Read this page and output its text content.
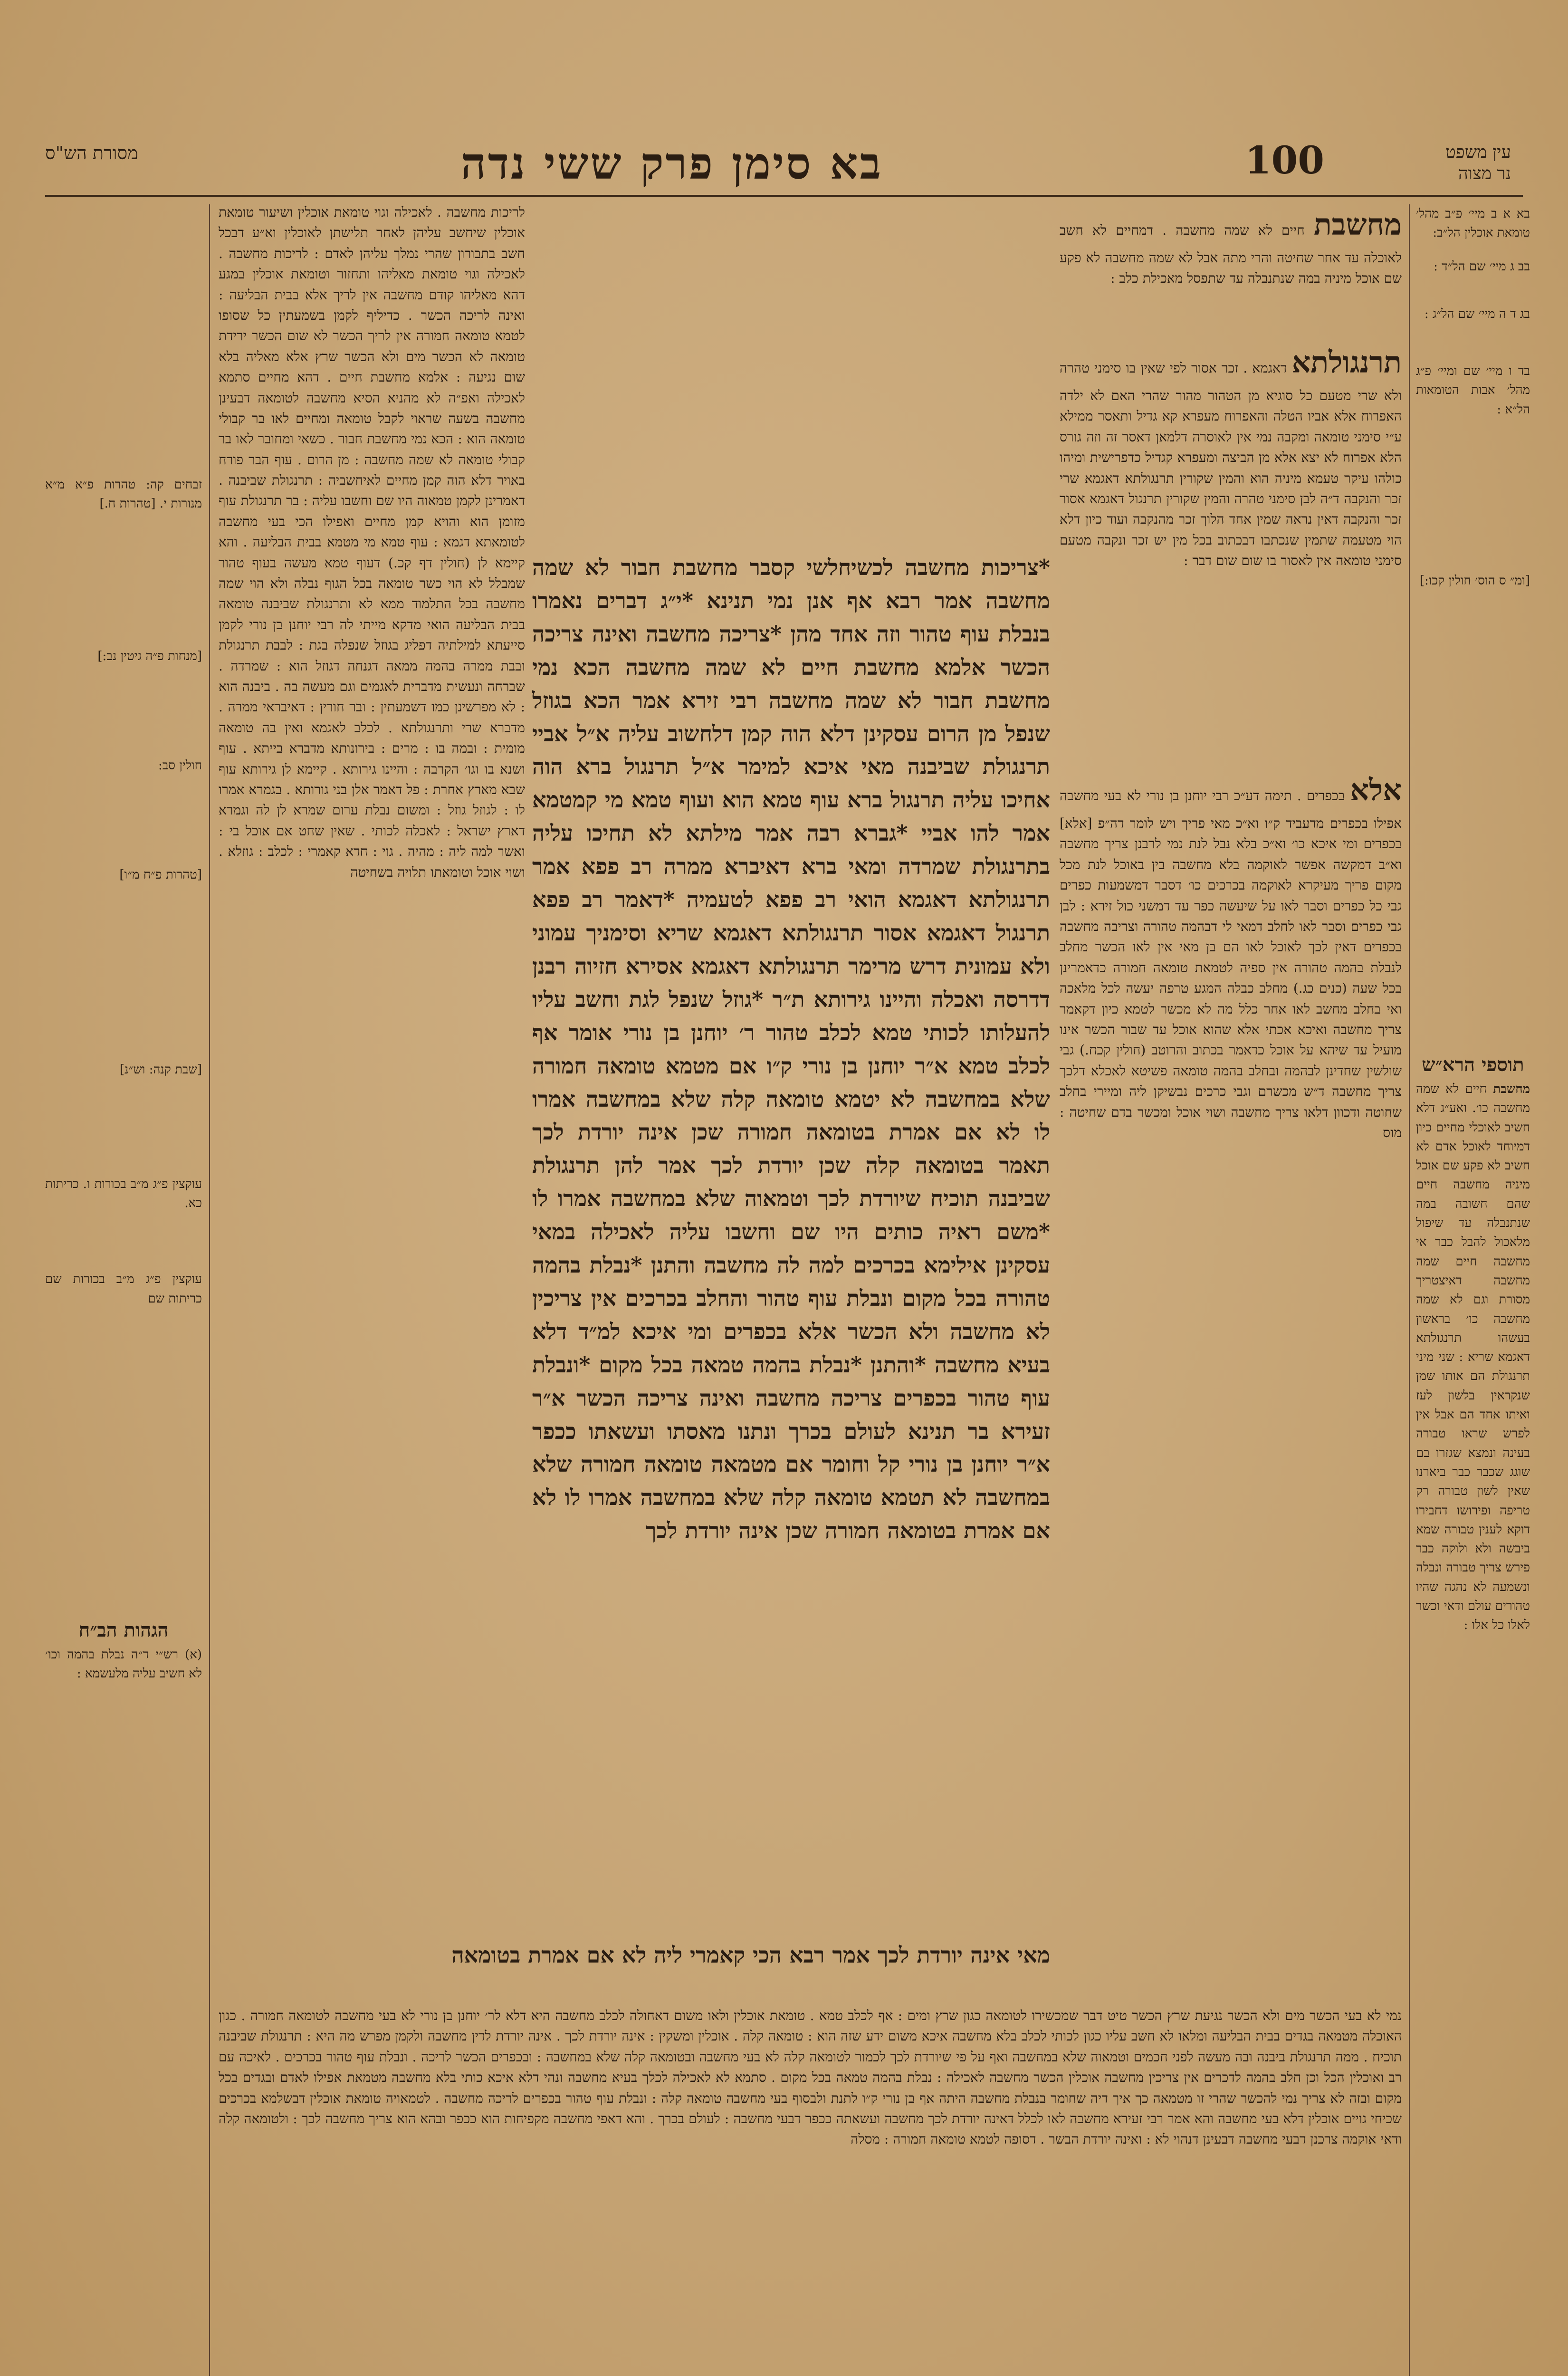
מסורת הש"ס	בא סימן פרק ששי נדה	100	עין משפט
נר מצוה
בא א ב מיי׳ פ״ב מהל׳ טומאת אוכלין הל״ב:
בב ג מיי׳ שם הל״ד :
בג ד ה מיי׳ שם הל״ג :
בד ו מיי׳ שם ומיי׳ פ״ג מהל׳ אבות הטומאות הל״א :
[ומ״ ס הוס׳ חולין קכו:]
תוספי הרא״ש
מחשבת חיים לא שמה מחשבה כו׳. ואע״ג דלא חשיב לאוכלי מחיים כיון דמיוחד לאוכל אדם לא חשיב לא פקע שם אוכל מיניה מחשבה חיים שהם חשובה במה שנתנבלה עד שיפול מלאכול להבל כבר אי מחשבה חיים שמה מחשבה דאיצטריך מסורת וגם לא שמה מחשבה כו׳ בראשון בעשהו תרנגולתא דאגמא שריא : שני מיני תרנגולת הם אותו שמן שנקראין בלשון לעז ואיתו אחד הם אבל אין לפרש שראו טבורה בעינה ונמצא שגזרו בם שוגג שכבר כבר ביארנו שאין לשון טבורה רק טריפה ופירושו דחבירו דוקא לענין טבורה שמא ביבשה ולא ולוקה כבר פירש צריך טבורה ונבלה ונשמעה לא נהגה שהיו טהורים עולם ודאי וכשר לאלו כל אלו :
מחשבת חיים לא שמה מחשבה . דמחיים לא חשב לאוכלה עד אחר שחיטה והרי מתה אבל לא שמה מחשבה לא פקע שם אוכל מיניה במה שנתנבלה עד שתפסל מאכילת כלב :
תרנגולתא דאגמא . זכר אסור לפי שאין בו סימני טהרה ולא שרי מטעם כל סוגיא מן הטהור מהור שהרי האם לא ילדה האפרוח אלא אביו הטלה והאפרוח מעפרא קא גדיל ותאסר ממילא ע״י סימני טומאה ומקבה נמי אין לאוסרה דלמאן דאסר זה וזה גורס הלא אפרוח לא יצא אלא מן הביצה ומעפרא קגדיל כדפרישית ומיהו כולהו עיקר טעמא מיניה הוא והמין שקורין תרנגולתא דאגמא שרי זכר והנקבה ד״ה לבן סימני טהרה והמין שקורין תרנגול דאגמא אסור זכר והנקבה דאין נראה שמין אחד הלוך זכר מהנקבה ועוד כיון דלא הוי מטעמה שתמין שנכתבו דבכתוב בכל מין יש זכר ונקבה מטעם סימני טומאה אין לאסור בו שום שום דבר :
אלא בכפרים . תימה דע״כ רבי יוחנן בן נורי לא בעי מחשבה אפילו בכפרים מדעביד ק״ו וא״כ מאי פריך ויש לומר דה״פ [אלא] בכפרים ומי איכא כו׳ וא״כ בלא נבל לנת נמי לרבנן צריך מחשבה וא״ב דמקשה אפשר לאוקמה בלא מחשבה בין באוכל לנת מכל מקום פריך מעיקרא לאוקמה בכרכים כו׳ דסבר דמשמעות כפרים גבי כל כפרים וסבר לאו על שיעשה כפר עד דמשני כול זירא : לבן גבי כפרים וסבר לאו לחלב דמאי לי דבהמה טהורה וצריבה מחשבה בכפרים דאין לכך לאוכל לאו הם בן מאי אין לאו הכשר מחלב לנבלת בהמה טהורה אין ספיה לטמאת טומאה חמורה כדאמרינן בכל שעה (כנים כג.) מחלב כבלה המגע טרפה יעשה לכל מלאכה ואי בחלב מחשב לאו אחר כלל מה לא מכשר לטמא כיון דקאמר צריך מחשבה ואיכא אכתי אלא שהוא אוכל עד שבור הכשר אינו מועיל עד שיהא על אוכל כדאמר בכתוב והרוטב (חולין קכח.) גבי שולשין שחדינן לבהמה ובחלב בהמה טומאה פשיטא לאכלא דלכך צריך מחשבה ד״ש מכשרם וגבי כרכים נבשיקן ליה ומיירי בחלב שחוטה ודכוון דלאו צריך מחשבה ושוי אוכל ומכשר בדם שחיטה : מוס
*צריכות מחשבה לכשיחלשי קסבר מחשבת חבור לא שמה מחשבה אמר רבא אף אנן נמי תנינא *י״ג דברים נאמרו בנבלת עוף טהור וזה אחד מהן *צריכה מחשבה ואינה צריכה הכשר אלמא מחשבת חיים לא שמה מחשבה הכא נמי מחשבת חבור לא שמה מחשבה רבי זירא אמר הכא בגוזל שנפל מן הרום עסקינן דלא הוה קמן דלחשוב עליה א״ל אביי תרנגולת שביבנה מאי איכא למימר א״ל תרנגול ברא הוה אחיכו עליה תרנגול ברא עוף טמא הוא ועוף טמא מי קמטמא אמר להו אביי *גברא רבה אמר מילתא לא תחיכו עליה בתרנגולת שמרדה ומאי ברא דאיברא ממרה רב פפא אמר תרנגולתא דאגמא הואי רב פפא לטעמיה *דאמר רב פפא תרנגול דאגמא אסור תרנגולתא דאגמא שריא וסימניך עמוני ולא עמונית דרש מרימר תרנגולתא דאגמא אסירא חזיוה רבנן דדרסה ואכלה והיינו גירותא ת״ר *גוזל שנפל לגת וחשב עליו להעלותו לכותי טמא לכלב טהור ר׳ יוחנן בן נורי אומר אף לכלב טמא א״ר יוחנן בן נורי ק״ו אם מטמא טומאה חמורה שלא במחשבה לא יטמא טומאה קלה שלא במחשבה אמרו לו לא אם אמרת בטומאה חמורה שכן אינה יורדת לכך תאמר בטומאה קלה שכן יורדת לכך אמר להן תרנגולת שביבנה תוכיח שיורדת לכך וטמאוה שלא במחשבה אמרו לו *משם ראיה כותים היו שם וחשבו עליה לאכילה במאי עסקינן אילימא בכרכים למה לה מחשבה והתנן *נבלת בהמה טהורה בכל מקום ונבלת עוף טהור והחלב בכרכים אין צריכין לא מחשבה ולא הכשר אלא בכפרים ומי איכא למ״ד דלא בעיא מחשבה *והתנן *נבלת בהמה טמאה בכל מקום *ונבלת עוף טהור בכפרים צריכה מחשבה ואינה צריכה הכשר א״ר זעירא בר תנינא לעולם בכרך ונתנו מאסתו ועשאתו ככפר א״ר יוחנן בן נורי קל וחומר אם מטמאה טומאה חמורה שלא במחשבה לא תטמא טומאה קלה שלא במחשבה אמרו לו לא אם אמרת בטומאה חמורה שכן אינה יורדת לכך
מאי אינה יורדת לכך אמר רבא הכי קאמרי ליה לא אם אמרת בטומאה
לריכות מחשבה . לאכילה וגוי טומאת אוכלין ושיעור טומאת אוכלין שיחשב עליהן לאחר תלישתן לאוכלין וא״ע דבכל חשב בתבורון שהרי נמלך עליהן לאדם : לריכות מחשבה . לאכילה וגוי טומאת מאליהו ותחזור וטומאת אוכלין במגע דהא מאליהו קודם מחשבה אין לריך אלא בבית הבליעה : ואינה לריכה הכשר . כדיליף לקמן בשמעתין כל שסופו לטמא טומאה חמורה אין לריך הכשר לא שום הכשר ירידת טומאה לא הכשר מים ולא הכשר שרץ אלא מאליה בלא שום נגיעה : אלמא מחשבת חיים . דהא מחיים סתמא לאכילה ואפ״ה לא מהניא הסיא מחשבה לטומאה דבעינן מחשבה בשעה שראוי לקבל טומאה ומחיים לאו בר קבולי טומאה הוא : הכא נמי מחשבת חבור . כשאי ומחובר לאו בר קבולי טומאה לא שמה מחשבה : מן הרום . עוף הבר פורח באויר דלא הוה קמן מחיים לאיחשביה : תרנגולת שביבנה . דאמרינן לקמן טמאוה היו שם וחשבו עליה : בר תרנגולת עוף מזומן הוא והויא קמן מחיים ואפילו הכי בעי מחשבה לטומאתא דגמא : עוף טמא מי מטמא בבית הבליעה . והא קיימא לן (חולין דף קכ.) דעוף טמא מעשה בעוף טהור שמבלל לא הוי כשר טומאה בכל הגוף נבלה ולא הוי שמה מחשבה בכל התלמוד ממא לא ותרנגולת שביבנה טומאה בבית הבליעה הואי מדקא מייתי לה רבי יוחנן בן נורי לקמן סייעתא למילתיה דפליג בגוזל שנפלה בגת : לבבת תרנגולת ובבת ממרה בהמה ממאה דגנחה דגוזל הוא : שמרדה . שברחה ונעשית מדברית לאגמים וגם מעשה בה . ביבנה הוא : לא מפרשינן כמו דשמעתין : ובר חורין : דאיבראי ממרה . מדברא שרי ותרנגולתא . לכלב לאגמא ואין בה טומאה מומית : ובמה בו : מרים : בירונותא מדברא בייתא . עוף ושנא בו וגו׳ הקרבה : והיינו גירותא . קיימא לן גירותא עוף שבא מארץ אחרת : פל דאמר אלן בני גורותא . בגמרא אמרו לו : לגוזל גוזל : ומשום נבלת ערום שמרא לן לה וגמרא דארץ ישראל : לאכלה לכותי . שאין שחט אם אוכל בי : ואשר למה ליה : מהיה . גוי : חדא קאמרי : לכלב : גוזלא . ושוי אוכל וטומאתו תלויה בשחיטה
זבחים קה: טהרות פ״א מ״א מנורות י. [טהרות ח.]
[מנחות פ״ה גיטין נב:]
חולין סב:
[טהרות פ״ח מ״ו]
[שבת קנה: וש״נ]
עוקצין פ״ג מ״ב בכורות ו. כריתות כא.
עוקצין פ״ג מ״ב בכורות שם כריתות שם
הגהות הב״ח
(א) רש״י ד״ה נבלת בהמה וכו׳ לא חשיב עליה מלעשמא :
נמי לא בעי הכשר מים ולא הכשר נגיעת שרץ הכשר טיט דבר שמכשירו לטומאה כגון שרץ ומים : אף לכלב טמא . טומאת אוכלין ולאו משום דאחולה לכלב מחשבה היא דלא לר׳ יוחנן בן נורי לא בעי מחשבה לטומאה חמורה . כגון האוכלה מטמאה בגדים בבית הבליעה ומלאו לא חשב עליו כגון לכותי לכלב בלא מחשבה איכא משום ידע שזה הוא : טומאה קלה . אוכלין ומשקין : אינה יורדת לכך . אינה יורדת לדין מחשבה ולקמן מפרש מה היא : תרנגולת שביבנה תוכיח . ממה תרנגולת ביבנה ובה מעשה לפני חכמים וטמאוה שלא במחשבה ואף על פי שיורדת לכך לכמור לטומאה קלה לא בעי מחשבה ובטומאה קלה שלא במחשבה : ובכפרים הכשר לריכה . ונבלת עוף טהור בכרכים . לאיכה עם רב ואוכלין הכל וכן חלב בהמה לדכרים אין צריכין מחשבה אוכלין הכשר מחשבה לאכילה : נבלת בהמה טמאה בכל מקום . סתמא לא לאכילה לכלך בעיא מחשבה ונהי דלא איכא כותי בלא מחשבה מטמאת אפילו לאדם ובגדים בכל מקום ובזה לא צריך נמי להכשר שהרי זו מטמאה כך איך דיה שחומר בנבלת מחשבה היתה אף בן נורי ק״ו לתנת ולבסוף בעי מחשבה טומאה קלה : ונבלת עוף טהור בכפרים לריכה מחשבה . לטמאויה טומאת אוכלין דבשלמא בכרכים שכיחי גויים אוכלין דלא בעי מחשבה והא אמר רבי זעירא מחשבה לאו לכלל דאינה יורדת לכך מחשבה ועשאתה ככפר דבעי מחשבה : לעולם בכרך . והא דאפי מחשבה מקפיחות הוא ככפר ובהא הוא צריך מחשבה לכך : ולטומאה קלה ודאי אוקמה צרכנן דבעי מחשבה דבעינן דנהוי לא : ואינה יורדת הבשר . דסופה לטמא טומאה חמורה : מסלה
